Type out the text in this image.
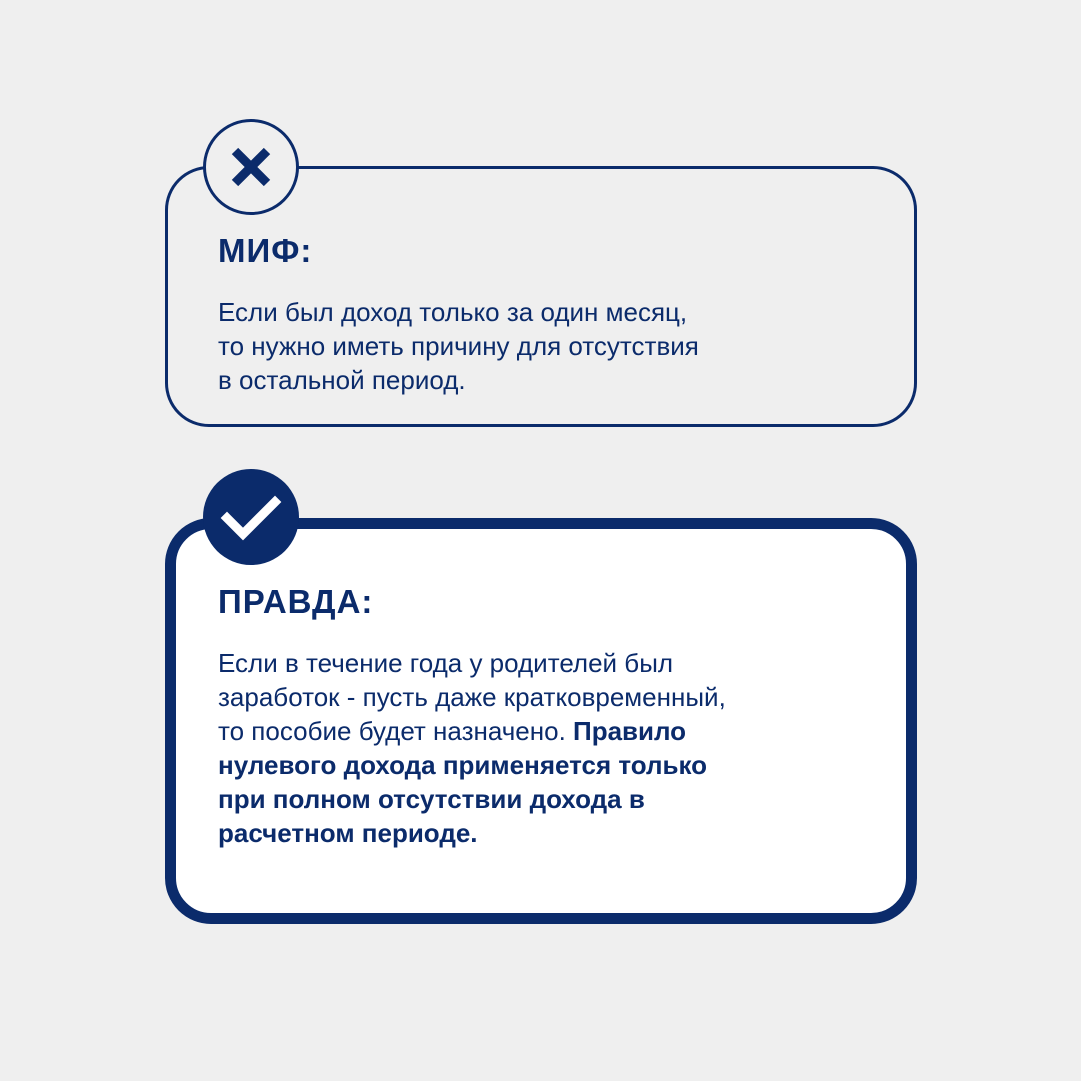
МИФ:
Если был доход только за один месяц,
то нужно иметь причину для отсутствия
в остальной период.
ПРАВДА:
Если в течение года у родителей был
заработок - пусть даже кратковременный,
то пособие будет назначено. Правило
нулевого дохода применяется только
при полном отсутствии дохода в
расчетном периоде.
